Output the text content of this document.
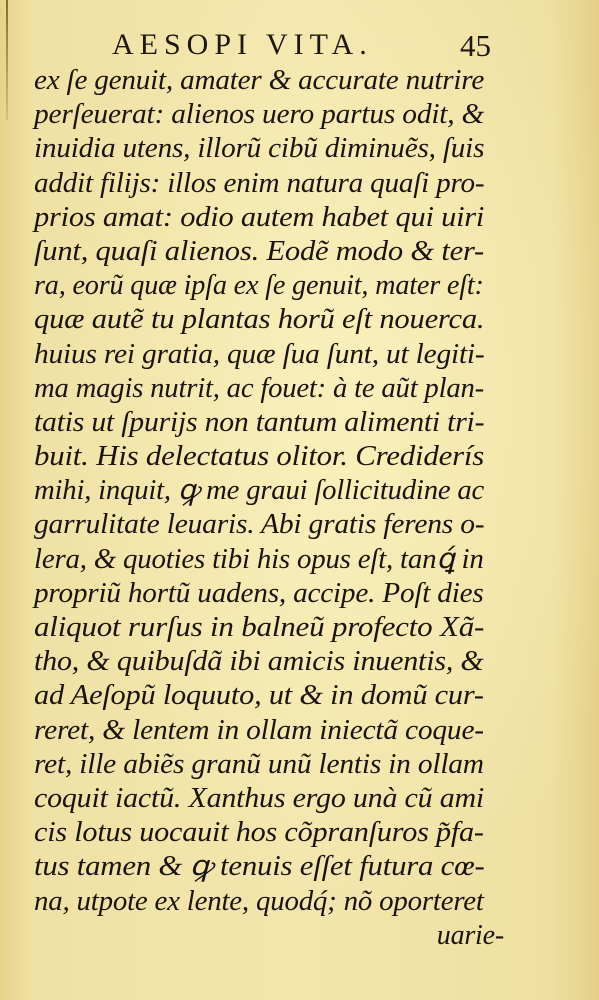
AESOPI VITA.	45
ex ſe genuit, amater & accurate nutrire
perſeuerat: alienos uero partus odit, &
inuidia utens, illorũ cibũ diminuẽs, ſuis
addit filijs: illos enim natura quaſi pro-
prios amat: odio autem habet qui uiri
ſunt, quaſi alienos. Eodẽ modo & ter-
ra, eorũ quæ ipſa ex ſe genuit, mater eſt:
quæ autẽ tu plantas horũ eſt nouerca.
huius rei gratia, quæ ſua ſunt, ut legiti-
ma magis nutrit, ac fouet: à te aũt plan-
tatis ut ſpurijs non tantum alimenti tri-
buit. His delectatus olitor. Crediderís
mihi, inquit, ꝙ me graui ſollicitudine ac
garrulitate leuaris. Abi gratis ferens o-
lera, & quoties tibi his opus eſt, tanꝗ́ in
propriũ hortũ uadens, accipe. Poſt dies
aliquot rurſus in balneũ profecto Xã-
tho, & quibuſdã ibi amicis inuentis, &
ad Aeſopũ loquuto, ut & in domũ cur-
reret, & lentem in ollam iniectã coque-
ret, ille abiẽs granũ unũ lentis in ollam
coquit iactũ. Xanthus ergo unà cũ ami
cis lotus uocauit hos cõpranſuros p̃fa-
tus tamen & ꝙ tenuis eſſet futura cœ-
na, utpote ex lente, quodq́; nõ oporteret
uarie-
